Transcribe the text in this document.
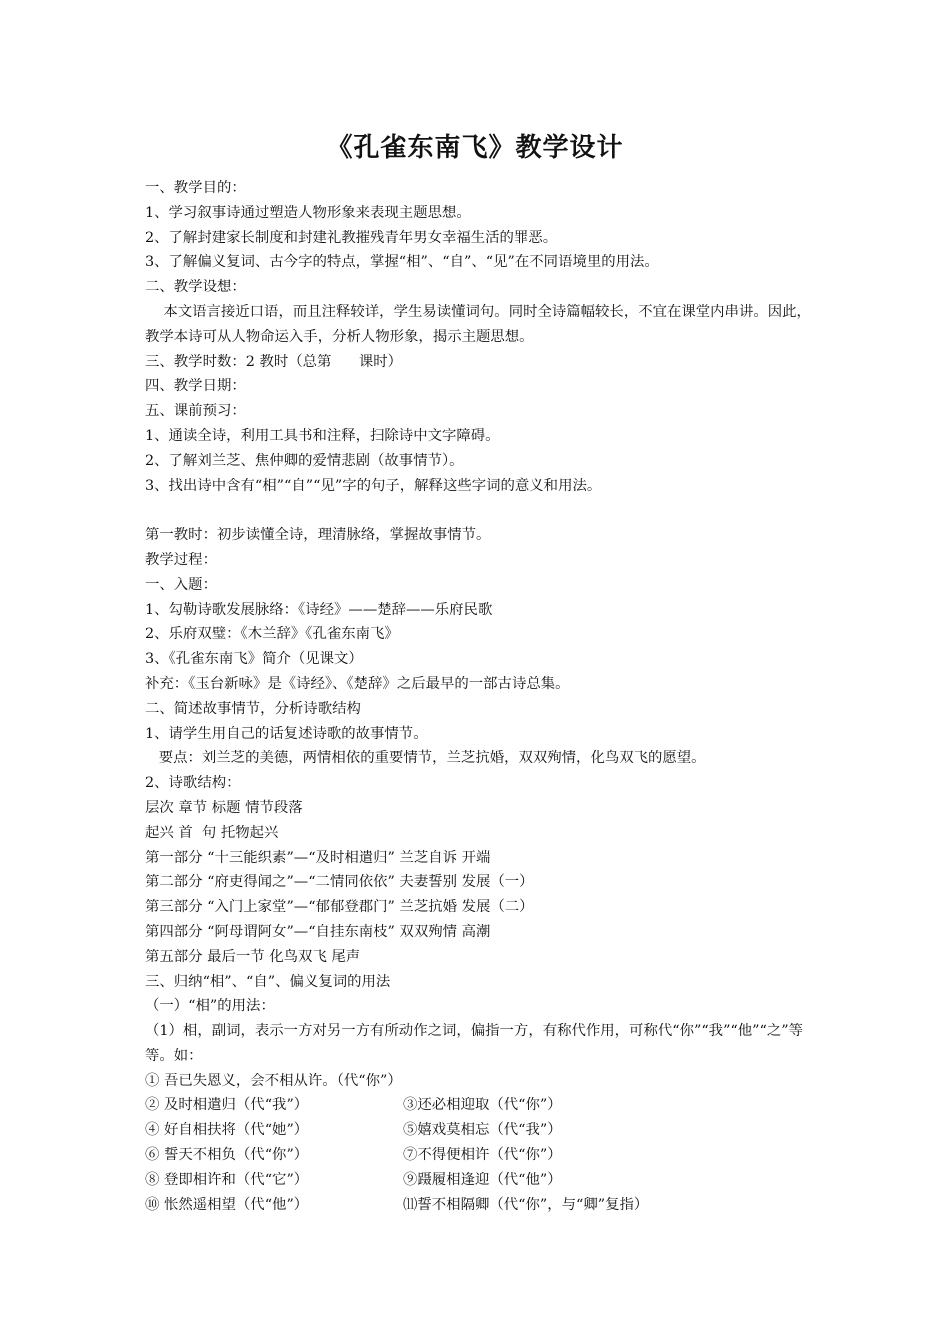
《孔雀东南飞》教学设计
一、教学目的：
1、学习叙事诗通过塑造人物形象来表现主题思想。
2、了解封建家长制度和封建礼教摧残青年男女幸福生活的罪恶。
3、了解偏义复词、古今字的特点，掌握“相”、“自”、“见”在不同语境里的用法。
二、教学设想：
本文语言接近口语，而且注释较详，学生易读懂词句。同时全诗篇幅较长，不宜在课堂内串讲。因此，教学本诗可从人物命运入手，分析人物形象，揭示主题思想。
三、教学时数：2 教时（总第      课时）
四、教学日期：
五、课前预习：
1、通读全诗，利用工具书和注释，扫除诗中文字障碍。
2、了解刘兰芝、焦仲卿的爱情悲剧（故事情节）。
3、找出诗中含有“相”“自”“见”字的句子，解释这些字词的意义和用法。
第一教时：初步读懂全诗，理清脉络，掌握故事情节。
教学过程：
一、入题：
1、勾勒诗歌发展脉络：《诗经》——楚辞——乐府民歌
2、乐府双璧：《木兰辞》《孔雀东南飞》
3、《孔雀东南飞》简介（见课文）
补充：《玉台新咏》是《诗经》、《楚辞》之后最早的一部古诗总集。
二、简述故事情节，分析诗歌结构
1、请学生用自己的话复述诗歌的故事情节。
要点：刘兰芝的美德，两情相依的重要情节，兰芝抗婚，双双殉情，化鸟双飞的愿望。
2、诗歌结构：
层次 章节 标题 情节段落
起兴 首  句 托物起兴
第一部分 “十三能织素”—“及时相遣归” 兰芝自诉 开端
第二部分 “府吏得闻之”—“二情同依依” 夫妻誓别 发展（一）
第三部分 “入门上家堂”—“郁郁登郡门” 兰芝抗婚 发展（二）
第四部分 “阿母谓阿女”—“自挂东南枝” 双双殉情 高潮
第五部分 最后一节 化鸟双飞 尾声
三、归纳“相”、“自”、偏义复词的用法
（一）“相”的用法：
（1）相，副词，表示一方对另一方有所动作之词，偏指一方，有称代作用，可称代“你”“我”“他”“之”等等。如：
① 吾已失恩义，会不相从许。（代“你”）
② 及时相遣归（代“我”）	③还必相迎取（代“你”）
④ 好自相扶将（代“她”）	⑤嬉戏莫相忘（代“我”）
⑥ 誓天不相负（代“你”）	⑦不得便相许（代“你”）
⑧ 登即相许和（代“它”）	⑨蹑履相逢迎（代“他”）
⑩ 怅然遥相望（代“他”）	⑾誓不相隔卿（代“你”，与“卿”复指）
